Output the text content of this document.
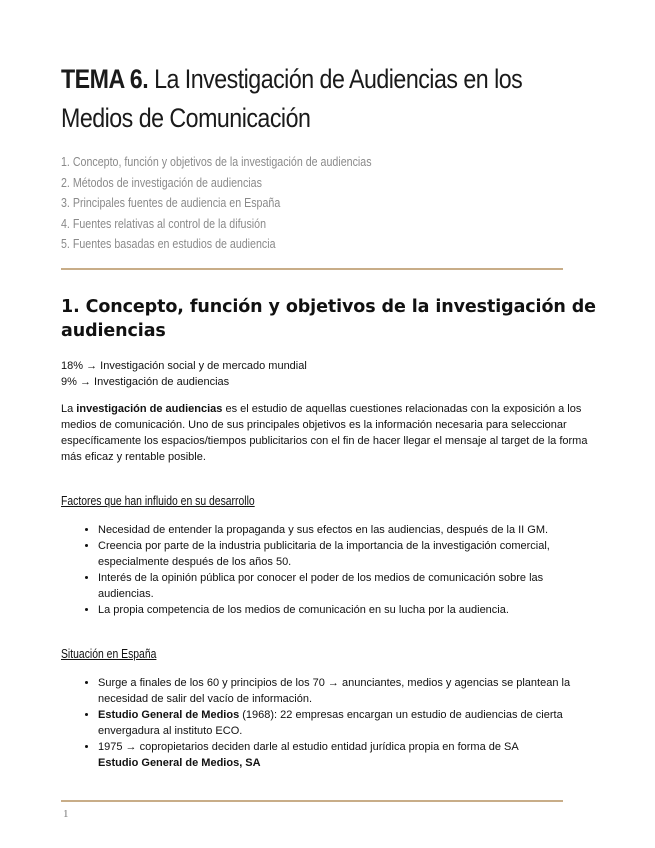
TEMA 6. La Investigación de Audiencias en los Medios de Comunicación
1. Concepto, función y objetivos de la investigación de audiencias
2. Métodos de investigación de audiencias
3. Principales fuentes de audiencia en España
4. Fuentes relativas al control de la difusión
5. Fuentes basadas en estudios de audiencia
1. Concepto, función y objetivos de la investigación de audiencias
18% → Investigación social y de mercado mundial
9% → Investigación de audiencias

La investigación de audiencias es el estudio de aquellas cuestiones relacionadas con la exposición a los medios de comunicación. Uno de sus principales objetivos es la información necesaria para seleccionar específicamente los espacios/tiempos publicitarios con el fin de hacer llegar el mensaje al target de la forma más eficaz y rentable posible.

Factores que han influido en su desarrollo
• Necesidad de entender la propaganda y sus efectos en las audiencias, después de la II GM.
• Creencia por parte de la industria publicitaria de la importancia de la investigación comercial, especialmente después de los años 50.
• Interés de la opinión pública por conocer el poder de los medios de comunicación sobre las audiencias.
• La propia competencia de los medios de comunicación en su lucha por la audiencia.
Situación en España
• Surge a finales de los 60 y principios de los 70 → anunciantes, medios y agencias se plantean la necesidad de salir del vacío de información.
• Estudio General de Medios (1968): 22 empresas encargan un estudio de audiencias de cierta envergadura al instituto ECO.
• 1975 → copropietarios deciden darle al estudio entidad jurídica propia en forma de SA
Estudio General de Medios, SA
1
